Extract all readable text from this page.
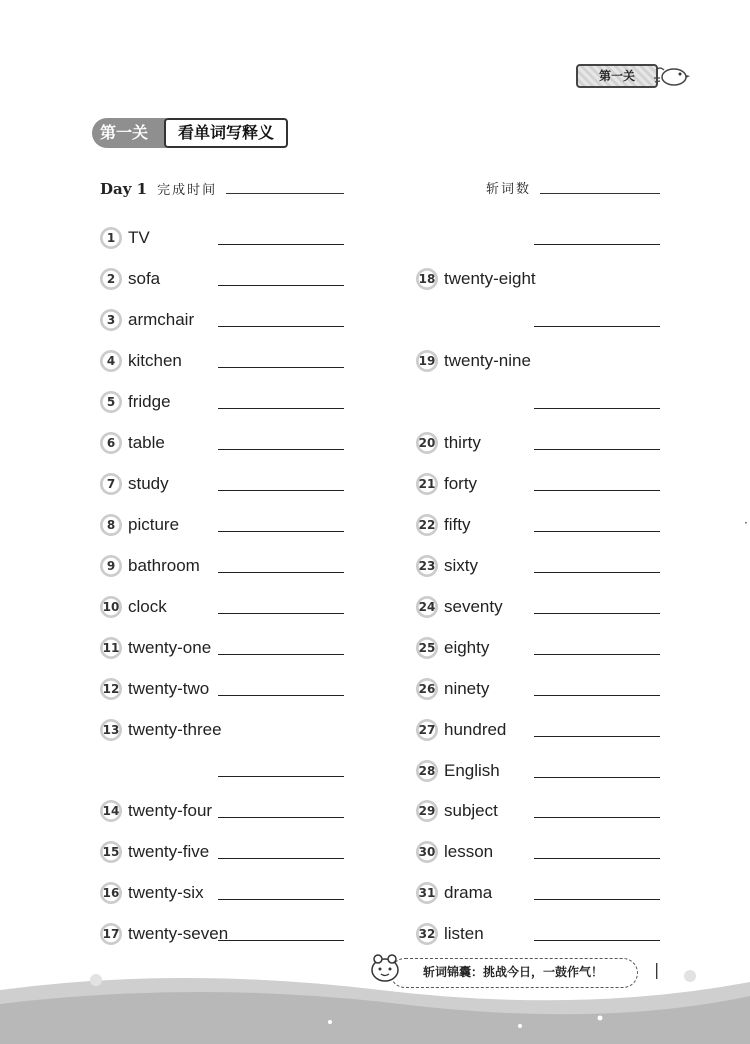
第一关
第一关	看单词写释义
Day 1 完成时间	斩词数
1 TV
2 sofa
3 armchair
4 kitchen
5 fridge
6 table
7 study
8 picture
9 bathroom
10 clock
11 twenty-one
12 twenty-two
13 twenty-three
14 twenty-four
15 twenty-five
16 twenty-six
17 twenty-seven
18 twenty-eight
19 twenty-nine
20 thirty
21 forty
22 fifty
23 sixty
24 seventy
25 eighty
26 ninety
27 hundred
28 English
29 subject
30 lesson
31 drama
32 listen
斩词锦囊：挑战今日，一鼓作气！	|
·
